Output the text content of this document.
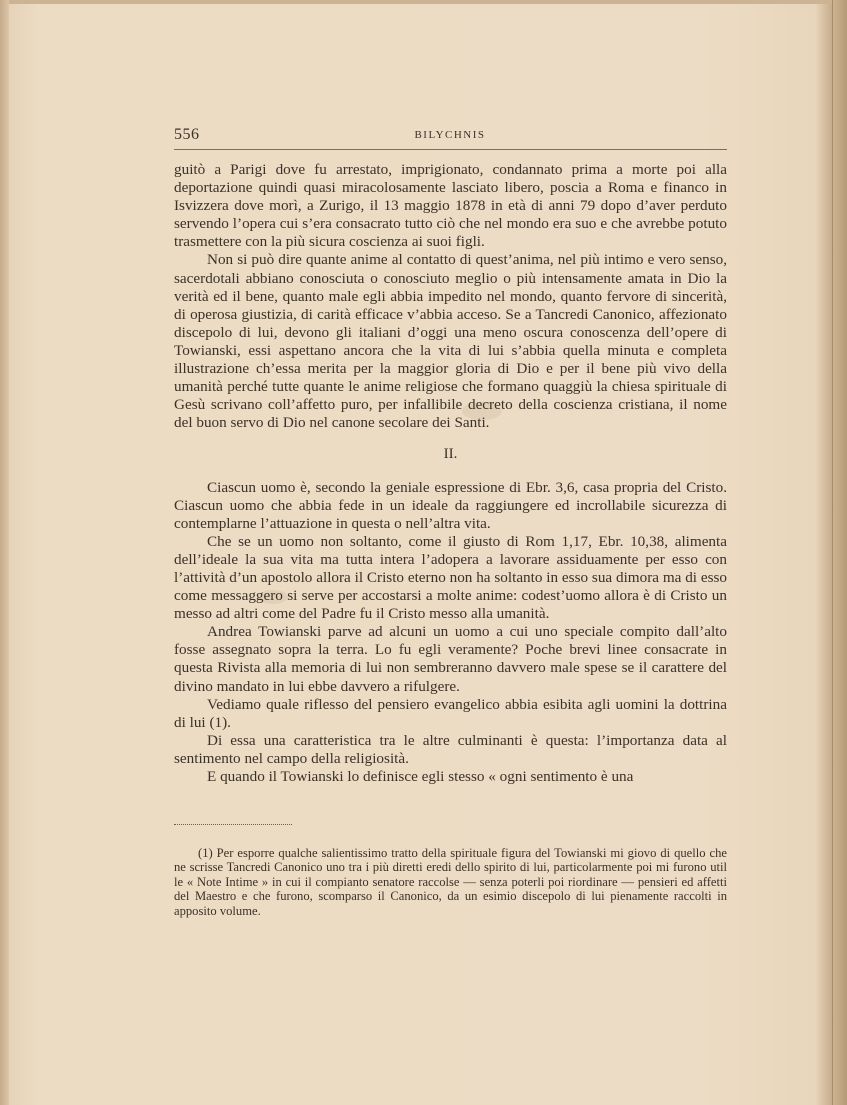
556	BILYCHNIS

guitò a Parigi dove fu arrestato, imprigionato, condannato prima a morte poi alla deportazione quindi quasi miracolosamente lasciato libero, poscia a Roma e financo in Isvizzera dove morì, a Zurigo, il 13 maggio 1878 in età di anni 79 dopo d’aver perduto servendo l’opera cui s’era consacrato tutto ciò che nel mondo era suo e che avrebbe potuto trasmettere con la più sicura coscienza ai suoi figli.

Non si può dire quante anime al contatto di quest’anima, nel più intimo e vero senso, sacerdotali abbiano conosciuta o conosciuto meglio o più intensamente amata in Dio la verità ed il bene, quanto male egli abbia impedito nel mondo, quanto fervore di sincerità, di operosa giustizia, di carità efficace v’abbia acceso. Se a Tancredi Canonico, affezionato discepolo di lui, devono gli italiani d’oggi una meno oscura conoscenza dell’opere di Towianski, essi aspettano ancora che la vita di lui s’abbia quella minuta e completa illustrazione ch’essa merita per la maggior gloria di Dio e per il bene più vivo della umanità perché tutte quante le anime religiose che formano quaggiù la chiesa spirituale di Gesù scrivano coll’affetto puro, per infallibile decreto della coscienza cristiana, il nome del buon servo di Dio nel canone secolare dei Santi.

II.

Ciascun uomo è, secondo la geniale espressione di Ebr. 3,6, casa propria del Cristo. Ciascun uomo che abbia fede in un ideale da raggiungere ed incrollabile sicurezza di contemplarne l’attuazione in questa o nell’altra vita.

Che se un uomo non soltanto, come il giusto di Rom 1,17, Ebr. 10,38, alimenta dell’ideale la sua vita ma tutta intera l’adopera a lavorare assiduamente per esso con l’attività d’un apostolo allora il Cristo eterno non ha soltanto in esso sua dimora ma di esso come messaggero si serve per accostarsi a molte anime: codest’uomo allora è di Cristo un messo ad altri come del Padre fu il Cristo messo alla umanità.

Andrea Towianski parve ad alcuni un uomo a cui uno speciale compito dall’alto fosse assegnato sopra la terra. Lo fu egli veramente? Poche brevi linee consacrate in questa Rivista alla memoria di lui non sembreranno davvero male spese se il carattere del divino mandato in lui ebbe davvero a rifulgere.

Vediamo quale riflesso del pensiero evangelico abbia esibita agli uomini la dottrina di lui (1).

Di essa una caratteristica tra le altre culminanti è questa: l’importanza data al sentimento nel campo della religiosità.

E quando il Towianski lo definisce egli stesso « ogni sentimento è una

(1) Per esporre qualche salientissimo tratto della spirituale figura del Towianski mi giovo di quello che ne scrisse Tancredi Canonico uno tra i più diretti eredi dello spirito di lui, particolarmente poi mi furono util le « Note Intime » in cui il compianto senatore raccolse — senza poterli poi riordinare — pensieri ed affetti del Maestro e che furono, scomparso il Canonico, da un esimio discepolo di lui pienamente raccolti in apposito volume.
